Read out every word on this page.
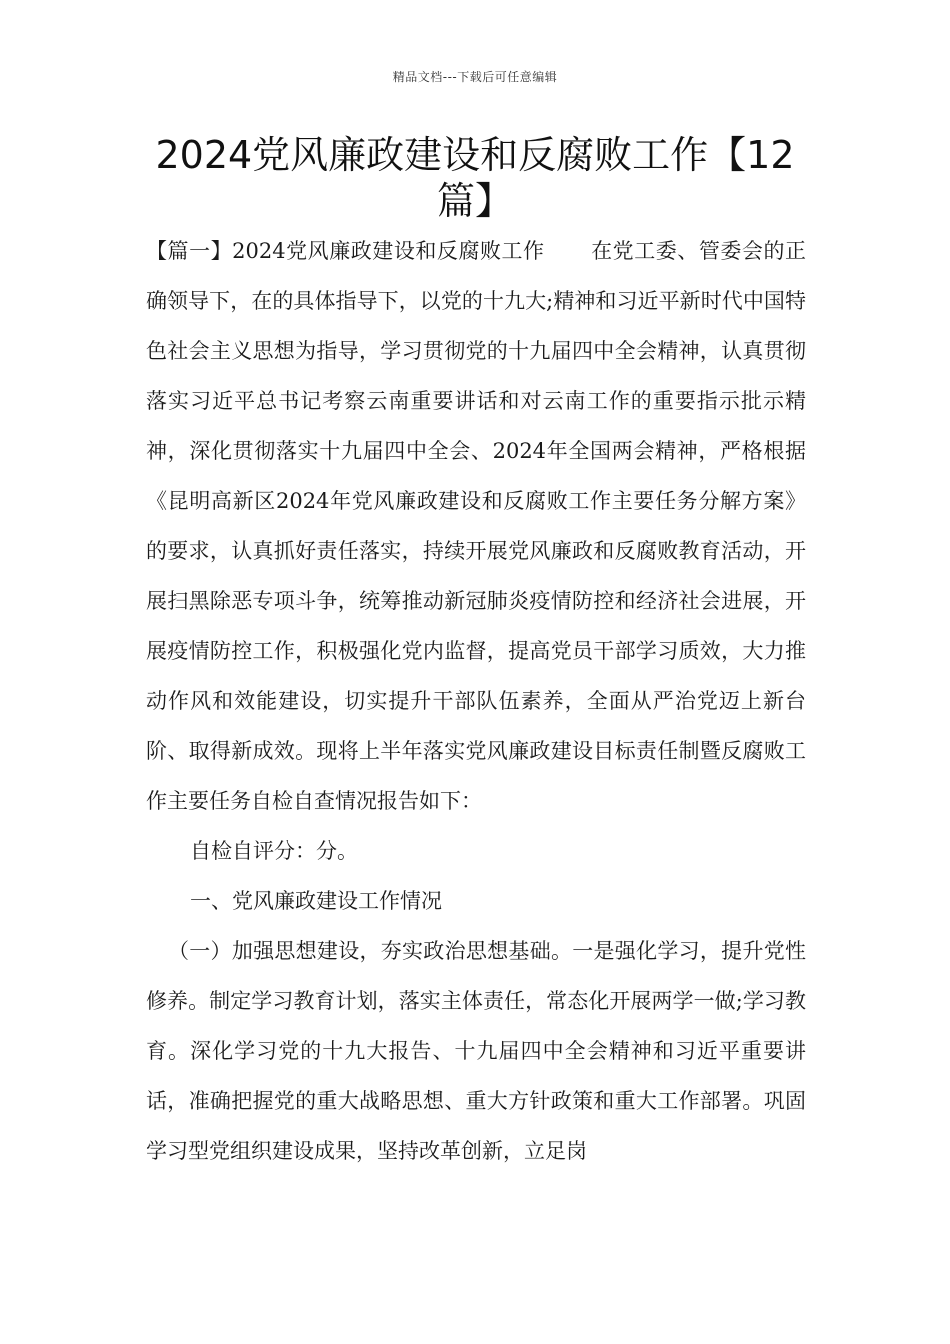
精品文档---下载后可任意编辑
2024党风廉政建设和反腐败工作【12篇】

【篇一】2024党风廉政建设和反腐败工作 在党工委、管委会的正确领导下，在的具体指导下，以党的十九大;精神和习近平新时代中国特色社会主义思想为指导，学习贯彻党的十九届四中全会精神，认真贯彻落实习近平总书记考察云南重要讲话和对云南工作的重要指示批示精神，深化贯彻落实十九届四中全会、2024年全国两会精神，严格根据《昆明高新区2024年党风廉政建设和反腐败工作主要任务分解方案》的要求，认真抓好责任落实，持续开展党风廉政和反腐败教育活动，开展扫黑除恶专项斗争，统筹推动新冠肺炎疫情防控和经济社会进展，开展疫情防控工作，积极强化党内监督，提高党员干部学习质效，大力推动作风和效能建设，切实提升干部队伍素养，全面从严治党迈上新台阶、取得新成效。现将上半年落实党风廉政建设目标责任制暨反腐败工作主要任务自检自查情况报告如下：

自检自评分：分。

一、党风廉政建设工作情况

（一）加强思想建设，夯实政治思想基础。一是强化学习，提升党性修养。制定学习教育计划，落实主体责任，常态化开展两学一做;学习教育。深化学习党的十九大报告、十九届四中全会精神和习近平重要讲话，准确把握党的重大战略思想、重大方针政策和重大工作部署。巩固学习型党组织建设成果，坚持改革创新，立足岗
